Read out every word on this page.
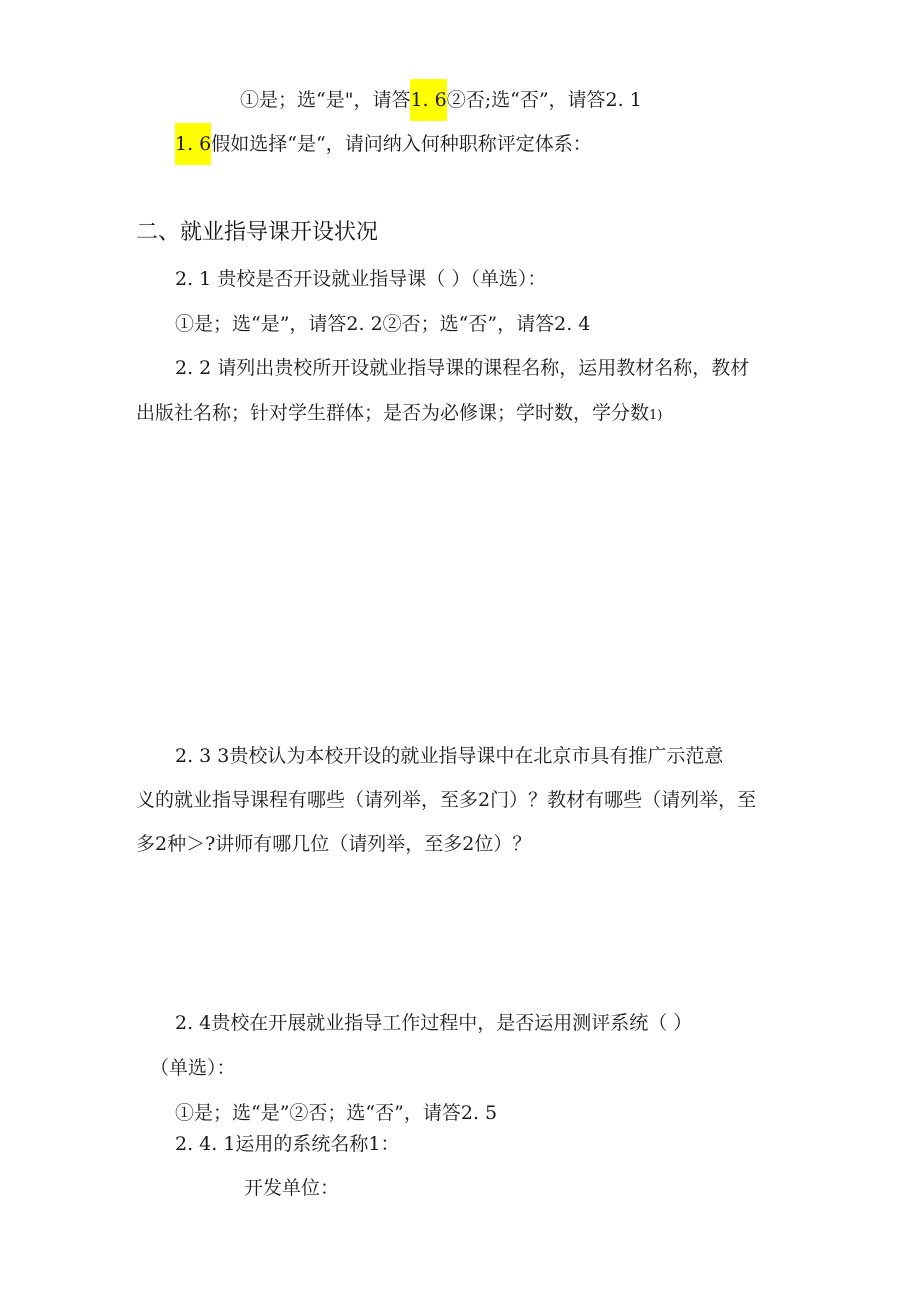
①是；选“是"，请答1. 6②否;选“否”，请答2. 1
1. 6假如选择“是“，请问纳入何种职称评定体系：
二、就业指导课开设状况
2. 1 贵校是否开设就业指导课（ ）（单选）：
①是；选“是”，请答2. 2②否；选“否”，请答2. 4
2. 2 请列出贵校所开设就业指导课的课程名称，运用教材名称，教材
出版社名称；针对学生群体；是否为必修课；学时数，学分数1)
2. 3 3贵校认为本校开设的就业指导课中在北京市具有推广示范意
义的就业指导课程有哪些（请列举，至多2门）？教材有哪些（请列举，至
多2种＞?讲师有哪几位（请列举，至多2位）？
2. 4贵校在开展就业指导工作过程中，是否运用测评系统（ ）
（单选）：
①是；选“是”②否；选“否”，请答2. 5
2. 4. 1运用的系统名称1：
开发单位：
